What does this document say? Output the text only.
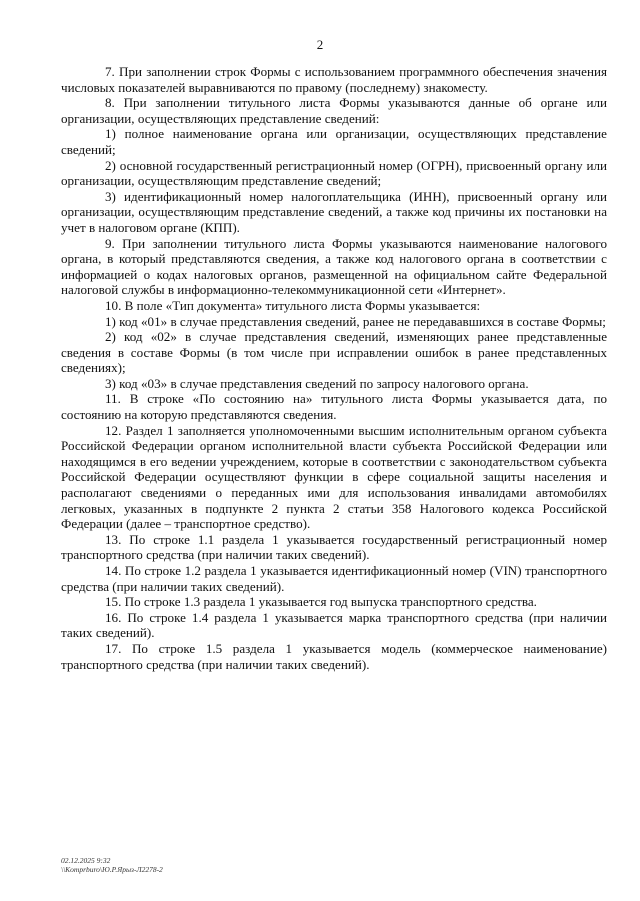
2

7. При заполнении строк Формы с использованием программного обеспечения значения числовых показателей выравниваются по правому (последнему) знакоместу.

8. При заполнении титульного листа Формы указываются данные об органе или организации, осуществляющих представление сведений:

1) полное наименование органа или организации, осуществляющих представление сведений;

2) основной государственный регистрационный номер (ОГРН), присвоенный органу или организации, осуществляющим представление сведений;

3) идентификационный номер налогоплательщика (ИНН), присвоенный органу или организации, осуществляющим представление сведений, а также код причины их постановки на учет в налоговом органе (КПП).

9. При заполнении титульного листа Формы указываются наименование налогового органа, в который представляются сведения, а также код налогового органа в соответствии с информацией о кодах налоговых органов, размещенной на официальном сайте Федеральной налоговой службы в информационно-телекоммуникационной сети «Интернет».

10. В поле «Тип документа» титульного листа Формы указывается:

1) код «01» в случае представления сведений, ранее не передававшихся в составе Формы;

2) код «02» в случае представления сведений, изменяющих ранее представленные сведения в составе Формы (в том числе при исправлении ошибок в ранее представленных сведениях);

3) код «03» в случае представления сведений по запросу налогового органа.

11. В строке «По состоянию на» титульного листа Формы указывается дата, по состоянию на которую представляются сведения.

12. Раздел 1 заполняется уполномоченными высшим исполнительным органом субъекта Российской Федерации органом исполнительной власти субъекта Российской Федерации или находящимся в его ведении учреждением, которые в соответствии с законодательством субъекта Российской Федерации осуществляют функции в сфере социальной защиты населения и располагают сведениями о переданных ими для использования инвалидами автомобилях легковых, указанных в подпункте 2 пункта 2 статьи 358 Налогового кодекса Российской Федерации (далее – транспортное средство).

13. По строке 1.1 раздела 1 указывается государственный регистрационный номер транспортного средства (при наличии таких сведений).

14. По строке 1.2 раздела 1 указывается идентификационный номер (VIN) транспортного средства (при наличии таких сведений).

15. По строке 1.3 раздела 1 указывается год выпуска транспортного средства.

16. По строке 1.4 раздела 1 указывается марка транспортного средства (при наличии таких сведений).

17. По строке 1.5 раздела 1 указывается модель (коммерческое наименование) транспортного средства (при наличии таких сведений).

02.12.2025 9:32
\\Komprburo\Ю.Р.Ярыз-Л2278-2
